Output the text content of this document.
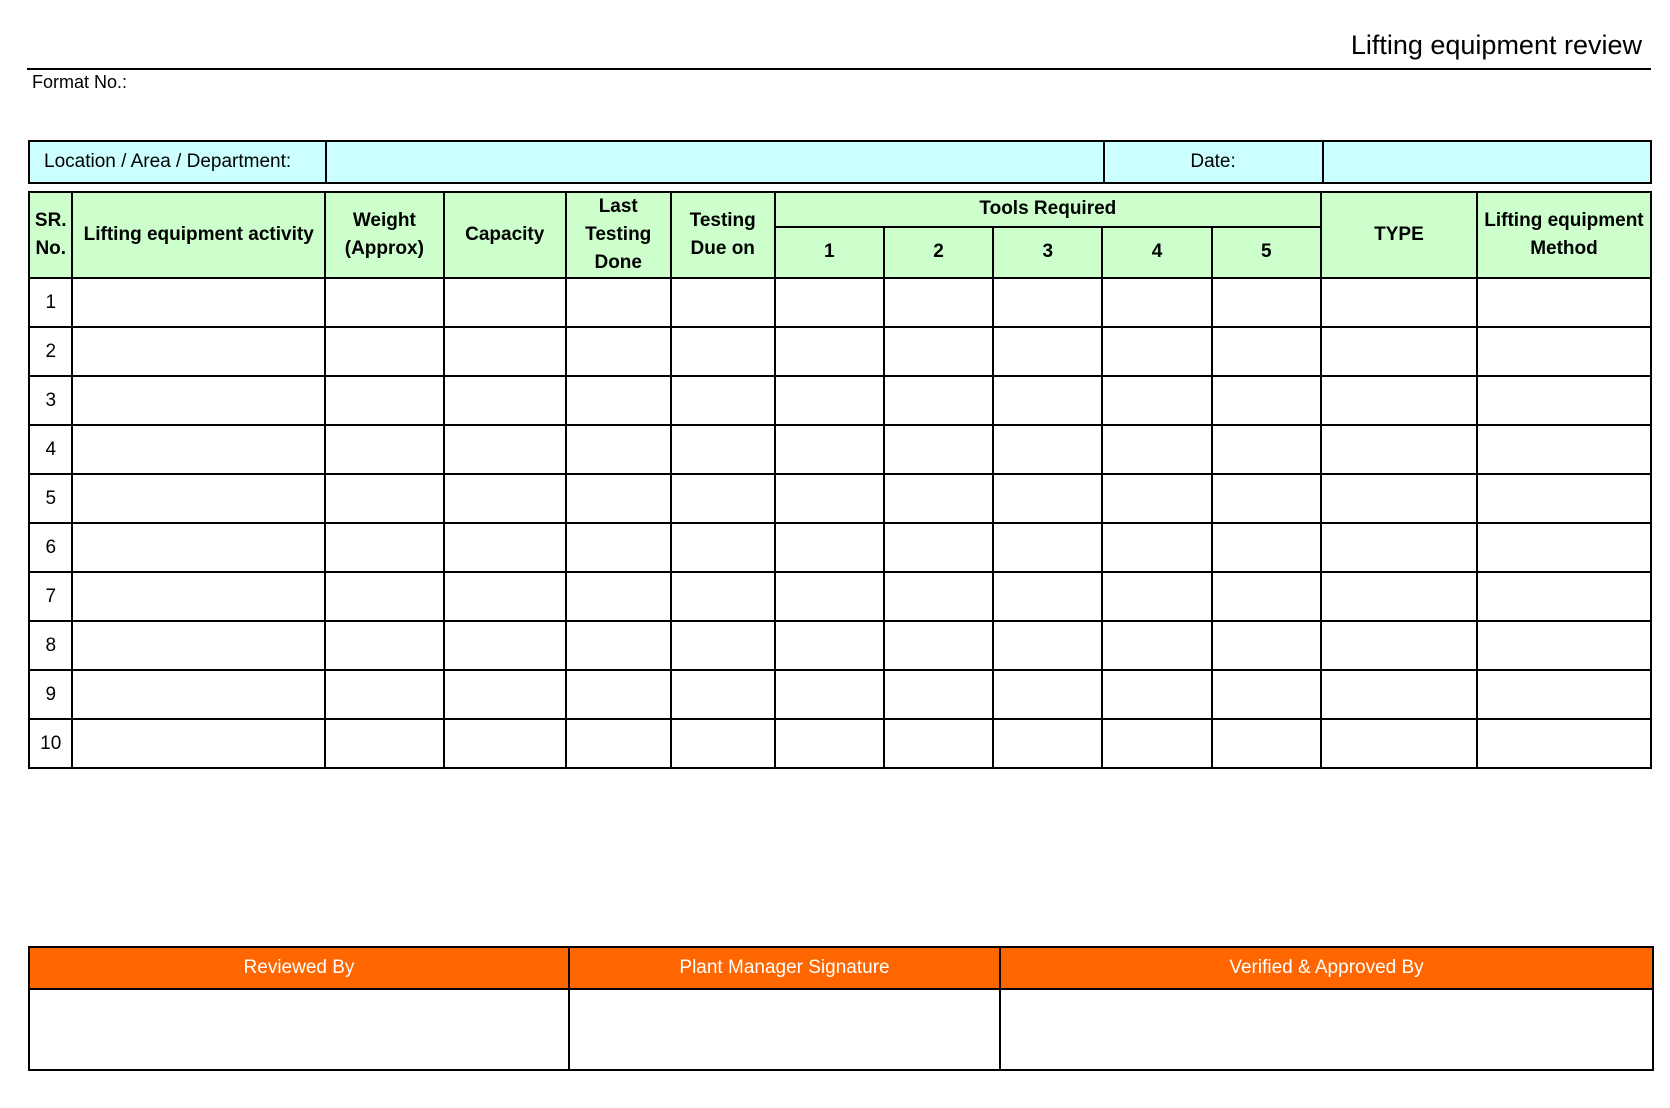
Lifting equipment review
Format No.:
Location / Area / Department:		Date:	
SR. No.	Lifting equipment activity	Weight (Approx)	Capacity	Last Testing Done	Testing Due on	Tools Required					TYPE	Lifting equipment Method
						1	2	3	4	5		
1												
2												
3												
4												
5												
6												
7												
8												
9												
10												
Reviewed By	Plant Manager Signature	Verified & Approved By
